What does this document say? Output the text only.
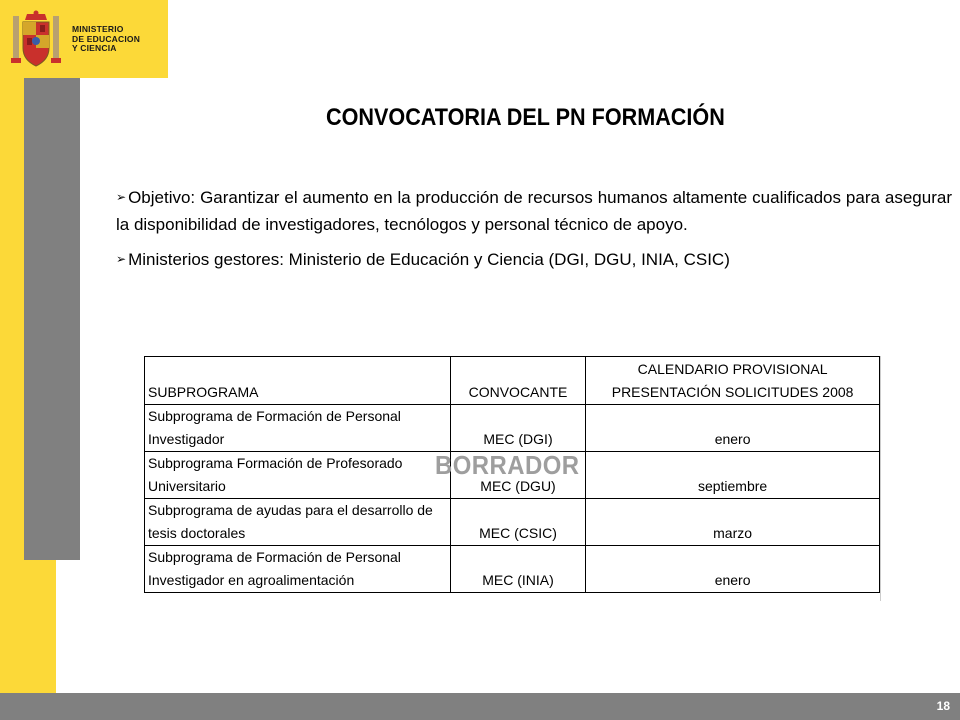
MINISTERIO
DE EDUCACION
Y CIENCIA
CONVOCATORIA DEL PN FORMACIÓN

➢ Objetivo: Garantizar el aumento en la producción de recursos humanos altamente cualificados para asegurar la disponibilidad de investigadores, tecnólogos y personal técnico de apoyo.

➢ Ministerios gestores: Ministerio de Educación y Ciencia (DGI, DGU, INIA, CSIC)

SUBPROGRAMA	CONVOCANTE	CALENDARIO PROVISIONAL
PRESENTACIÓN SOLICITUDES 2008

Subprograma de Formación de Personal
Investigador	MEC (DGI)	enero

Subprograma Formación de Profesorado
Universitario	MEC (DGU)	septiembre

Subprograma de ayudas para el desarrollo de
tesis doctorales	MEC (CSIC)	marzo

Subprograma de Formación de Personal
Investigador en agroalimentación	MEC (INIA)	enero
BORRADOR
18
